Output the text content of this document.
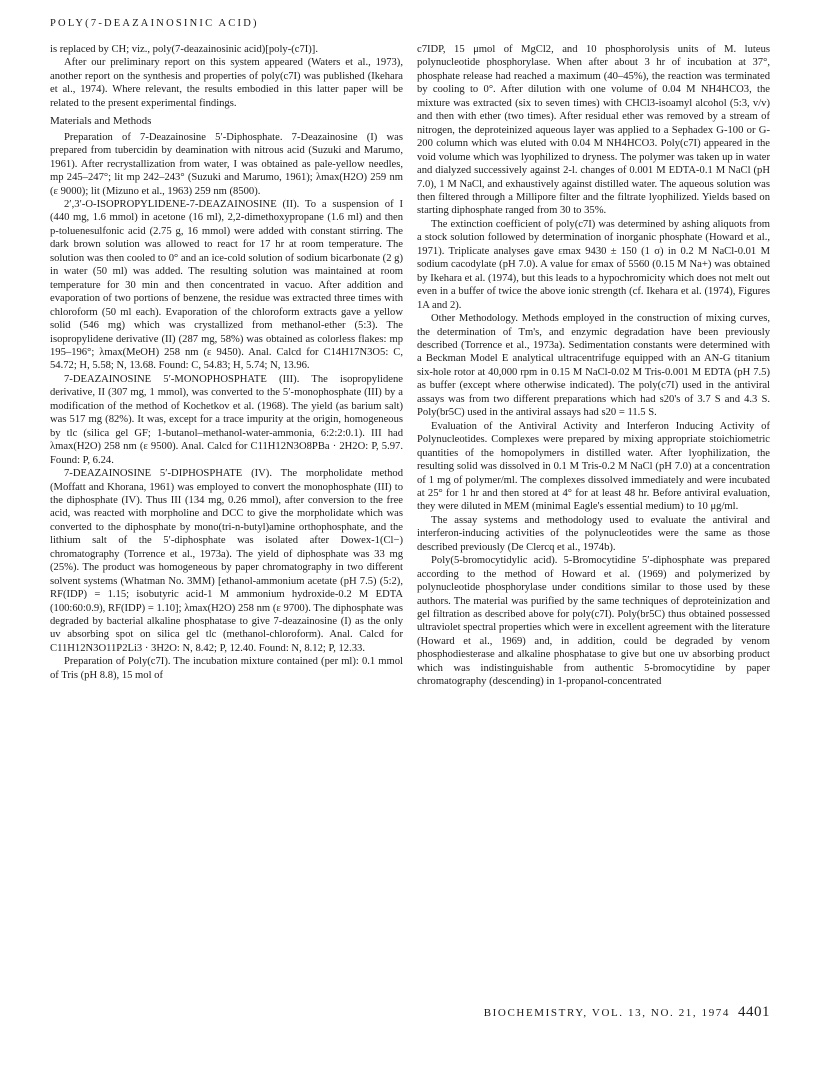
POLY(7-DEAZAINOSINIC ACID)

is replaced by CH; viz., poly(7-deazainosinic acid)[poly-(c7I)].

After our preliminary report on this system appeared (Waters et al., 1973), another report on the synthesis and properties of poly(c7I) was published (Ikehara et al., 1974). Where relevant, the results embodied in this latter paper will be related to the present experimental findings.

Materials and Methods

Preparation of 7-Deazainosine 5′-Diphosphate. 7-Deazainosine (I) was prepared from tubercidin by deamination with nitrous acid (Suzuki and Marumo, 1961). After recrystallization from water, I was obtained as pale-yellow needles, mp 245–247°; lit mp 242–243° (Suzuki and Marumo, 1961); λmax(H2O) 259 nm (ε 9000); lit (Mizuno et al., 1963) 259 nm (8500).

2′,3′-O-ISOPROPYLIDENE-7-DEAZAINOSINE (II). To a suspension of I (440 mg, 1.6 mmol) in acetone (16 ml), 2,2-dimethoxypropane (1.6 ml) and then p-toluenesulfonic acid (2.75 g, 16 mmol) were added with constant stirring. The dark brown solution was allowed to react for 17 hr at room temperature. The solution was then cooled to 0° and an ice-cold solution of sodium bicarbonate (2 g) in water (50 ml) was added. The resulting solution was maintained at room temperature for 30 min and then concentrated in vacuo. After addition and evaporation of two portions of benzene, the residue was extracted three times with chloroform (50 ml each). Evaporation of the chloroform extracts gave a yellow solid (546 mg) which was crystallized from methanol-ether (5:3). The isopropylidene derivative (II) (287 mg, 58%) was obtained as colorless flakes: mp 195–196°; λmax(MeOH) 258 nm (ε 9450). Anal. Calcd for C14H17N3O5: C, 54.72; H, 5.58; N, 13.68. Found: C, 54.83; H, 5.74; N, 13.96.

7-DEAZAINOSINE 5′-MONOPHOSPHATE (III). The isopropylidene derivative, II (307 mg, 1 mmol), was converted to the 5′-monophosphate (III) by a modification of the method of Kochetkov et al. (1968). The yield (as barium salt) was 517 mg (82%). It was, except for a trace impurity at the origin, homogeneous by tlc (silica gel GF; 1-butanol–methanol-water-ammonia, 6:2:2:0.1). III had λmax(H2O) 258 nm (ε 9500). Anal. Calcd for C11H12N3O8PBa · 2H2O: P, 5.97. Found: P, 6.24.

7-DEAZAINOSINE 5′-DIPHOSPHATE (IV). The morpholidate method (Moffatt and Khorana, 1961) was employed to convert the monophosphate (III) to the diphosphate (IV). Thus III (134 mg, 0.26 mmol), after conversion to the free acid, was reacted with morpholine and DCC to give the morpholidate which was converted to the diphosphate by mono(tri-n-butyl)amine orthophosphate, and the lithium salt of the 5′-diphosphate was isolated after Dowex-1(Cl−) chromatography (Torrence et al., 1973a). The yield of diphosphate was 33 mg (25%). The product was homogeneous by paper chromatography in two different solvent systems (Whatman No. 3MM) [ethanol-ammonium acetate (pH 7.5) (5:2), RF(IDP) = 1.15; isobutyric acid-1 M ammonium hydroxide-0.2 M EDTA (100:60:0.9), RF(IDP) = 1.10]; λmax(H2O) 258 nm (ε 9700). The diphosphate was degraded by bacterial alkaline phosphatase to give 7-deazainosine (I) as the only uv absorbing spot on silica gel tlc (methanol-chloroform). Anal. Calcd for C11H12N3O11P2Li3 · 3H2O: N, 8.42; P, 12.40. Found: N, 8.12; P, 12.33.

Preparation of Poly(c7I). The incubation mixture contained (per ml): 0.1 mmol of Tris (pH 8.8), 15 mol of

c7IDP, 15 μmol of MgCl2, and 10 phosphorolysis units of M. luteus polynucleotide phosphorylase. When after about 3 hr of incubation at 37°, phosphate release had reached a maximum (40–45%), the reaction was terminated by cooling to 0°. After dilution with one volume of 0.04 M NH4HCO3, the mixture was extracted (six to seven times) with CHCl3-isoamyl alcohol (5:3, v/v) and then with ether (two times). After residual ether was removed by a stream of nitrogen, the deproteinized aqueous layer was applied to a Sephadex G-100 or G-200 column which was eluted with 0.04 M NH4HCO3. Poly(c7I) appeared in the void volume which was lyophilized to dryness. The polymer was taken up in water and dialyzed successively against 2-l. changes of 0.001 M EDTA-0.1 M NaCl (pH 7.0), 1 M NaCl, and exhaustively against distilled water. The aqueous solution was then filtered through a Millipore filter and the filtrate lyophilized. Yields based on starting diphosphate ranged from 30 to 35%.

The extinction coefficient of poly(c7I) was determined by ashing aliquots from a stock solution followed by determination of inorganic phosphate (Howard et al., 1971). Triplicate analyses gave εmax 9430 ± 150 (1 σ) in 0.2 M NaCl-0.01 M sodium cacodylate (pH 7.0). A value for εmax of 5560 (0.15 M Na+) was obtained by Ikehara et al. (1974), but this leads to a hypochromicity which does not melt out even in a buffer of twice the above ionic strength (cf. Ikehara et al. (1974), Figures 1A and 2).

Other Methodology. Methods employed in the construction of mixing curves, the determination of Tm's, and enzymic degradation have been previously described (Torrence et al., 1973a). Sedimentation constants were determined with a Beckman Model E analytical ultracentrifuge equipped with an AN-G titanium six-hole rotor at 40,000 rpm in 0.15 M NaCl-0.02 M Tris-0.001 M EDTA (pH 7.5) as buffer (except where otherwise indicated). The poly(c7I) used in the antiviral assays was from two different preparations which had s20's of 3.7 S and 4.3 S. Poly(br5C) used in the antiviral assays had s20 = 11.5 S.

Evaluation of the Antiviral Activity and Interferon Inducing Activity of Polynucleotides. Complexes were prepared by mixing appropriate stoichiometric quantities of the homopolymers in distilled water. After lyophilization, the resulting solid was dissolved in 0.1 M Tris-0.2 M NaCl (pH 7.0) at a concentration of 1 mg of polymer/ml. The complexes dissolved immediately and were incubated at 25° for 1 hr and then stored at 4° for at least 48 hr. Before antiviral evaluation, they were diluted in MEM (minimal Eagle's essential medium) to 10 μg/ml.

The assay systems and methodology used to evaluate the antiviral and interferon-inducing activities of the polynucleotides were the same as those described previously (De Clercq et al., 1974b).

Poly(5-bromocytidylic acid). 5-Bromocytidine 5′-diphosphate was prepared according to the method of Howard et al. (1969) and polymerized by polynucleotide phosphorylase under conditions similar to those used by these authors. The material was purified by the same techniques of deproteinization and gel filtration as described above for poly(c7I). Poly(br5C) thus obtained possessed ultraviolet spectral properties which were in excellent agreement with the literature (Howard et al., 1969) and, in addition, could be degraded by venom phosphodiesterase and alkaline phosphatase to give but one uv absorbing product which was indistinguishable from authentic 5-bromocytidine by paper chromatography (descending) in 1-propanol-concentrated

BIOCHEMISTRY, VOL. 13, NO. 21, 1974 4401
